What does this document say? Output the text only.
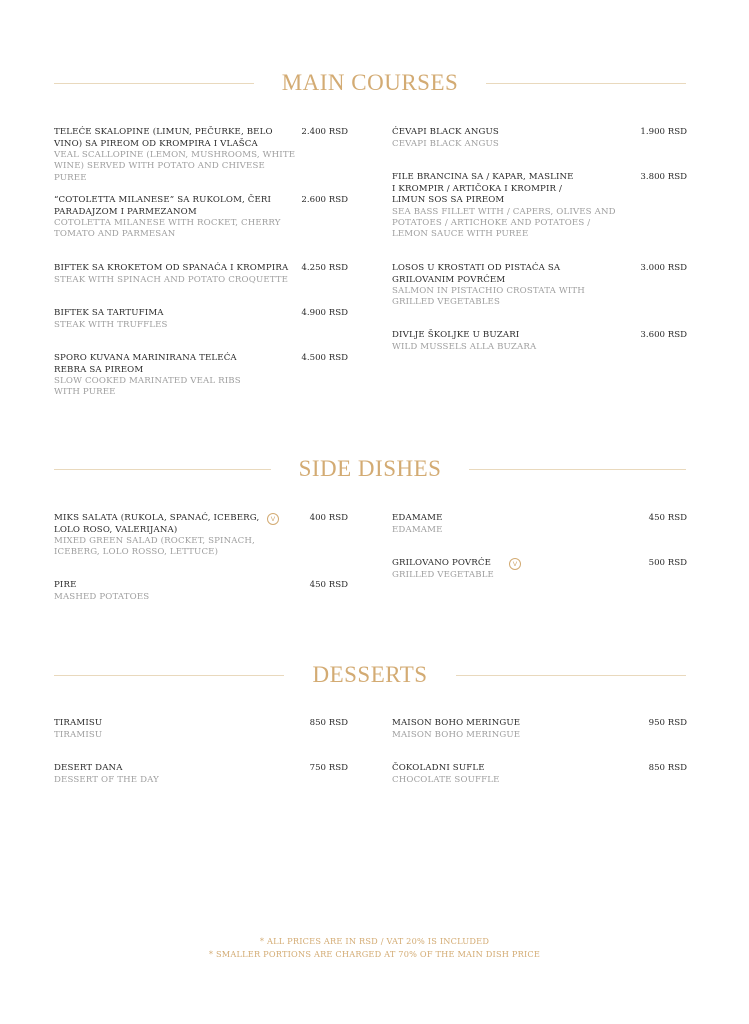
MAIN COURSES
TELEĆE SKALOPINE (LIMUN, PEČURKE, BELO VINO) SA PIREOM OD KROMPIRA I VLAŠCA
VEAL SCALLOPINE (LEMON, MUSHROOMS, WHITE WINE) SERVED WITH POTATO AND CHIVESE PUREE
2.400 RSD
“COTOLETTA MILANESE” SA RUKOLOM, ČERI PARADAJZOM I PARMEZANOM
COTOLETTA MILANESE WITH ROCKET, CHERRY TOMATO AND PARMESAN
2.600 RSD
BIFTEK SA KROKETOM OD SPANAĆA I KROMPIRA
STEAK WITH SPINACH AND POTATO CROQUETTE
4.250 RSD
BIFTEK SA TARTUFIMA
STEAK WITH TRUFFLES
4.900 RSD
SPORO KUVANA MARINIRANA TELEĆA REBRA SA PIREOM
SLOW COOKED MARINATED VEAL RIBS WITH PUREE
4.500 RSD
ĆEVAPI BLACK ANGUS
CEVAPI BLACK ANGUS
1.900 RSD
FILE BRANCINA SA / KAPAR, MASLINE I KROMPIR / ARTIČOKA I KROMPIR / LIMUN SOS SA PIREOM
SEA BASS FILLET WITH / CAPERS, OLIVES AND POTATOES / ARTICHOKE AND POTATOES / LEMON SAUCE WITH PUREE
3.800 RSD
LOSOS U KROSTATI OD PISTAĆA SA GRILOVANIM POVRĆEM
SALMON IN PISTACHIO CROSTATA WITH GRILLED VEGETABLES
3.000 RSD
DIVLJE ŠKOLJKE U BUZARI
WILD MUSSELS ALLA BUZARA
3.600 RSD
SIDE DISHES
MIKS SALATA (RUKOLA, SPANAĆ, ICEBERG, LOLO ROSO, VALERIJANA)
MIXED GREEN SALAD (ROCKET, SPINACH, ICEBERG, LOLO ROSSO, LETTUCE)
V	400 RSD
PIRE
MASHED POTATOES
450 RSD
EDAMAME
EDAMAME
450 RSD
GRILOVANO POVRĆE
GRILLED VEGETABLE
V	500 RSD
DESSERTS
TIRAMISU
TIRAMISU
850 RSD
DESERT DANA
DESSERT OF THE DAY
750 RSD
MAISON BOHO MERINGUE
MAISON BOHO MERINGUE
950 RSD
ČOKOLADNI SUFLE
CHOCOLATE SOUFFLE
850 RSD
* ALL PRICES ARE IN RSD / VAT 20% IS INCLUDED
* SMALLER PORTIONS ARE CHARGED AT 70% OF THE MAIN DISH PRICE
